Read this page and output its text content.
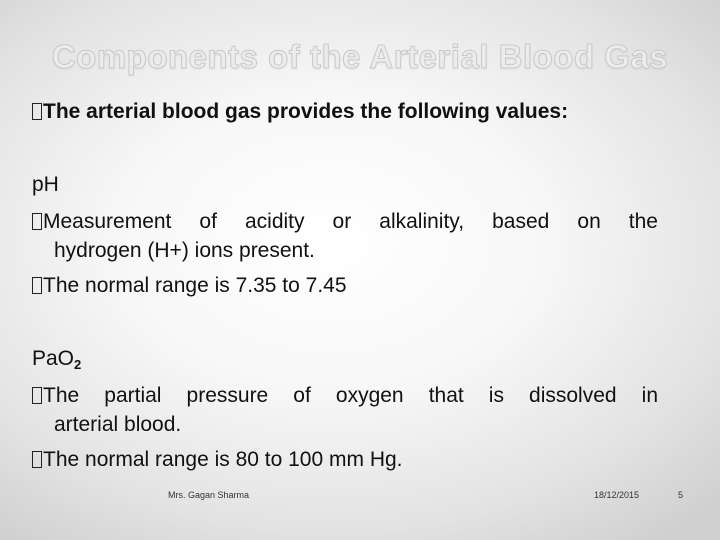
Components of the Arterial Blood Gas
The arterial blood gas provides the following values:
pH
Measurement of acidity or alkalinity, based on the
hydrogen (H+) ions present.
The normal range is 7.35 to 7.45
PaO$_2$
The partial pressure of oxygen that is dissolved in
arterial blood.
The normal range is 80 to 100 mm Hg.
Mrs. Gagan Sharma	18/12/2015	5
